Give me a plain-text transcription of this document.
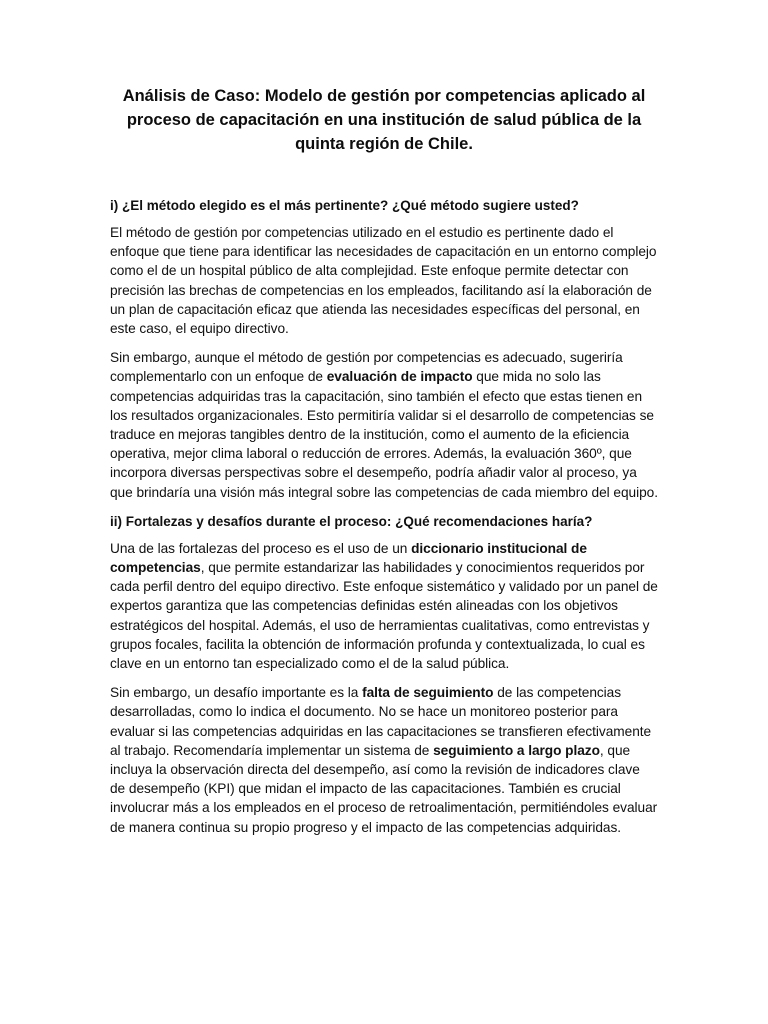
Análisis de Caso: Modelo de gestión por competencias aplicado al proceso de capacitación en una institución de salud pública de la quinta región de Chile.
i) ¿El método elegido es el más pertinente? ¿Qué método sugiere usted?

El método de gestión por competencias utilizado en el estudio es pertinente dado el enfoque que tiene para identificar las necesidades de capacitación en un entorno complejo como el de un hospital público de alta complejidad. Este enfoque permite detectar con precisión las brechas de competencias en los empleados, facilitando así la elaboración de un plan de capacitación eficaz que atienda las necesidades específicas del personal, en este caso, el equipo directivo.

Sin embargo, aunque el método de gestión por competencias es adecuado, sugeriría complementarlo con un enfoque de evaluación de impacto que mida no solo las competencias adquiridas tras la capacitación, sino también el efecto que estas tienen en los resultados organizacionales. Esto permitiría validar si el desarrollo de competencias se traduce en mejoras tangibles dentro de la institución, como el aumento de la eficiencia operativa, mejor clima laboral o reducción de errores. Además, la evaluación 360º, que incorpora diversas perspectivas sobre el desempeño, podría añadir valor al proceso, ya que brindaría una visión más integral sobre las competencias de cada miembro del equipo.

ii) Fortalezas y desafíos durante el proceso: ¿Qué recomendaciones haría?

Una de las fortalezas del proceso es el uso de un diccionario institucional de competencias, que permite estandarizar las habilidades y conocimientos requeridos por cada perfil dentro del equipo directivo. Este enfoque sistemático y validado por un panel de expertos garantiza que las competencias definidas estén alineadas con los objetivos estratégicos del hospital. Además, el uso de herramientas cualitativas, como entrevistas y grupos focales, facilita la obtención de información profunda y contextualizada, lo cual es clave en un entorno tan especializado como el de la salud pública.

Sin embargo, un desafío importante es la falta de seguimiento de las competencias desarrolladas, como lo indica el documento. No se hace un monitoreo posterior para evaluar si las competencias adquiridas en las capacitaciones se transfieren efectivamente al trabajo. Recomendaría implementar un sistema de seguimiento a largo plazo, que incluya la observación directa del desempeño, así como la revisión de indicadores clave de desempeño (KPI) que midan el impacto de las capacitaciones. También es crucial involucrar más a los empleados en el proceso de retroalimentación, permitiéndoles evaluar de manera continua su propio progreso y el impacto de las competencias adquiridas.
